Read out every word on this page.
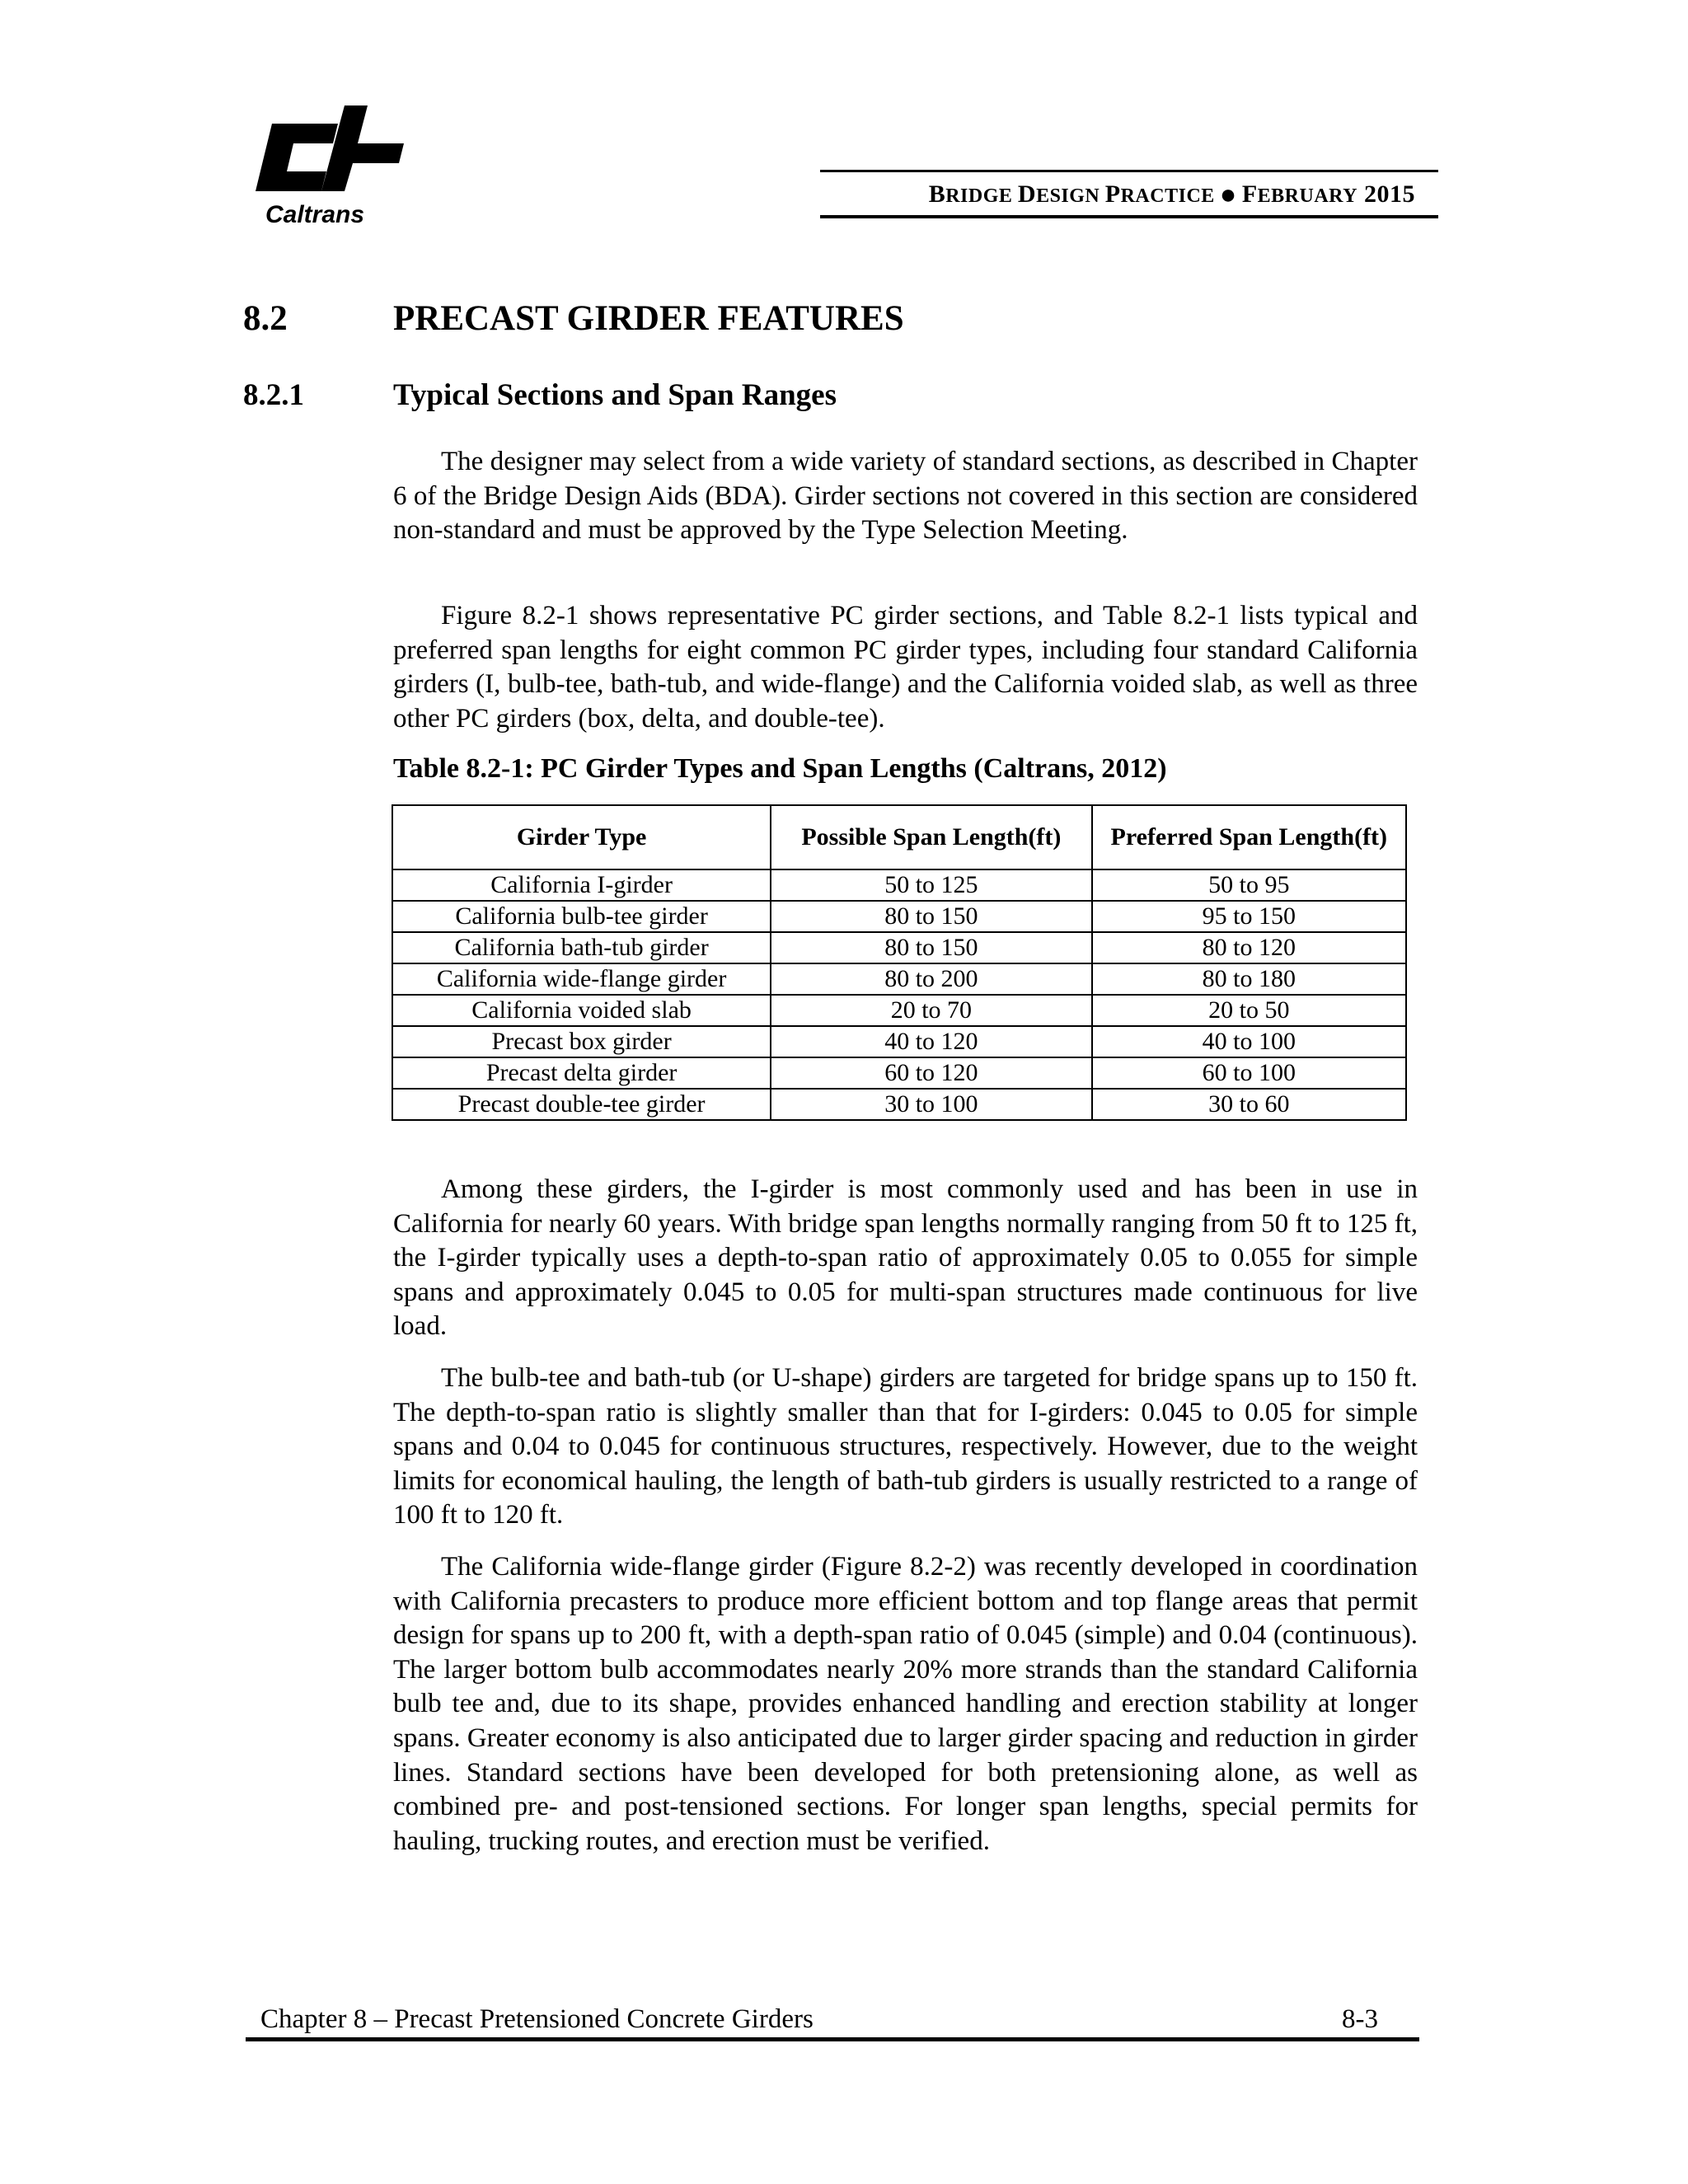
Caltrans
BRIDGE DESIGN PRACTICE ● FEBRUARY 2015
8.2	PRECAST GIRDER FEATURES
8.2.1	Typical Sections and Span Ranges

The designer may select from a wide variety of standard sections, as described in Chapter 6 of the Bridge Design Aids (BDA). Girder sections not covered in this section are considered non-standard and must be approved by the Type Selection Meeting.

Figure 8.2-1 shows representative PC girder sections, and Table 8.2-1 lists typical and preferred span lengths for eight common PC girder types, including four standard California girders (I, bulb-tee, bath-tub, and wide-flange) and the California voided slab, as well as three other PC girders (box, delta, and double-tee).

Table 8.2-1: PC Girder Types and Span Lengths (Caltrans, 2012)
Girder Type	Possible Span Length(ft)	Preferred Span Length(ft)
California I-girder	50 to 125	50 to 95
California bulb-tee girder	80 to 150	95 to 150
California bath-tub girder	80 to 150	80 to 120
California wide-flange girder	80 to 200	80 to 180
California voided slab	20 to 70	20 to 50
Precast box girder	40 to 120	40 to 100
Precast delta girder	60 to 120	60 to 100
Precast double-tee girder	30 to 100	30 to 60

Among these girders, the I-girder is most commonly used and has been in use in California for nearly 60 years. With bridge span lengths normally ranging from 50 ft to 125 ft, the I-girder typically uses a depth-to-span ratio of approximately 0.05 to 0.055 for simple spans and approximately 0.045 to 0.05 for multi-span structures made continuous for live load.

The bulb-tee and bath-tub (or U-shape) girders are targeted for bridge spans up to 150 ft. The depth-to-span ratio is slightly smaller than that for I-girders: 0.045 to 0.05 for simple spans and 0.04 to 0.045 for continuous structures, respectively. However, due to the weight limits for economical hauling, the length of bath-tub girders is usually restricted to a range of 100 ft to 120 ft.

The California wide-flange girder (Figure 8.2-2) was recently developed in coordination with California precasters to produce more efficient bottom and top flange areas that permit design for spans up to 200 ft, with a depth-span ratio of 0.045 (simple) and 0.04 (continuous). The larger bottom bulb accommodates nearly 20% more strands than the standard California bulb tee and, due to its shape, provides enhanced handling and erection stability at longer spans. Greater economy is also anticipated due to larger girder spacing and reduction in girder lines. Standard sections have been developed for both pretensioning alone, as well as combined pre- and post-tensioned sections. For longer span lengths, special permits for hauling, trucking routes, and erection must be verified.

Chapter 8 – Precast Pretensioned Concrete Girders	8-3
